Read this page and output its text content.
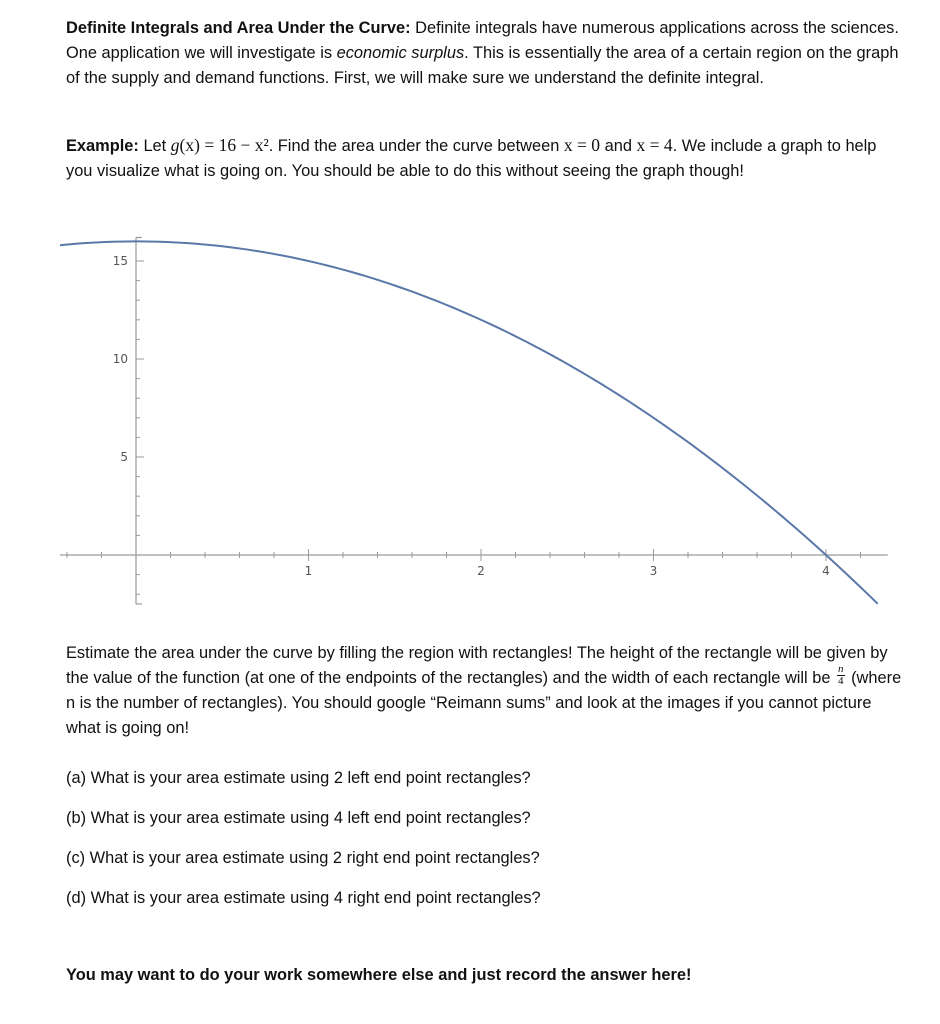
Definite Integrals and Area Under the Curve: Definite integrals have numerous applications across the sciences. One application we will investigate is economic surplus. This is essentially the area of a certain region on the graph of the supply and demand functions. First, we will make sure we understand the definite integral.
Example: Let g(x) = 16 − x². Find the area under the curve between x = 0 and x = 4. We include a graph to help you visualize what is going on. You should be able to do this without seeing the graph though!
1	2	3	4
5
10
15
Estimate the area under the curve by filling the region with rectangles! The height of the rectangle will be given by the value of the function (at one of the endpoints of the rectangles) and the width of each rectangle will be $\frac{n}{4}$ (where n is the number of rectangles). You should google “Reimann sums” and look at the images if you cannot picture what is going on!
(a) What is your area estimate using 2 left end point rectangles?
(b) What is your area estimate using 4 left end point rectangles?
(c) What is your area estimate using 2 right end point rectangles?
(d) What is your area estimate using 4 right end point rectangles?
You may want to do your work somewhere else and just record the answer here!
